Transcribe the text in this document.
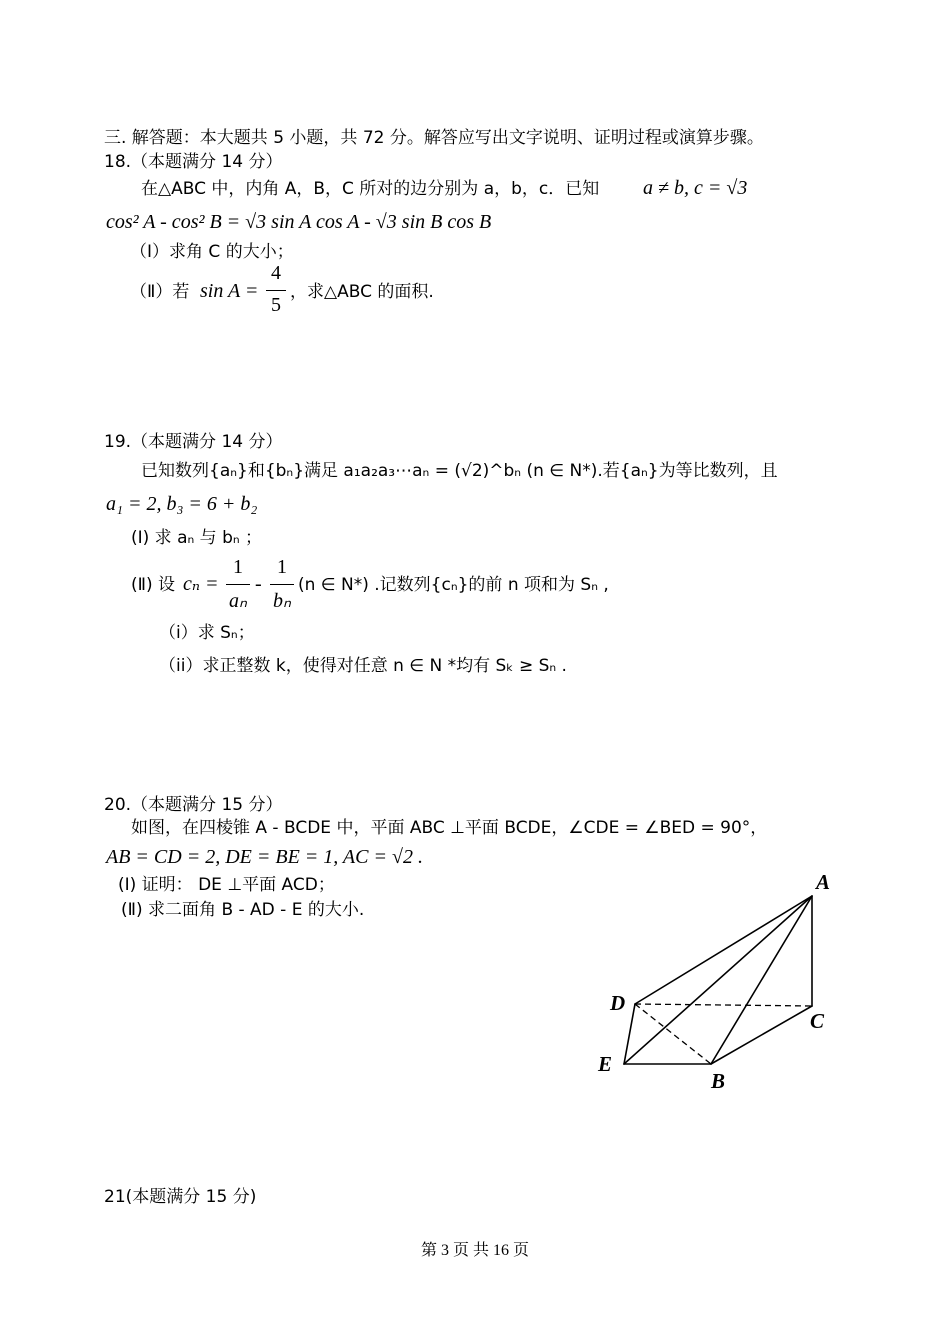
三. 解答题：本大题共 5 小题，共 72 分。解答应写出文字说明、证明过程或演算步骤。
18.（本题满分 14 分）
在△ABC 中，内角 A，B，C 所对的边分别为 a，b，c．已知 a ≠ b, c = √3
cos² A - cos² B = √3 sin A cos A - √3 sin B cos B
（Ⅰ）求角 C 的大小；
（Ⅱ）若 sin A =
4
5
，求△ABC 的面积.
19.（本题满分 14 分）
已知数列{aₙ}和{bₙ}满足 a₁a₂a₃⋯aₙ = (√2)^bₙ (n ∈ N*).若{aₙ}为等比数列，且
a₁ = 2, b₃ = 6 + b₂
(I) 求 aₙ 与 bₙ ；
(Ⅱ) 设 cₙ =
1
aₙ
-
1
bₙ
(n ∈ N*) .记数列{cₙ}的前 n 项和为 Sₙ ,
（i）求 Sₙ；
（ii）求正整数 k，使得对任意 n ∈ N *均有 Sₖ ≥ Sₙ .
20.（本题满分 15 分）
如图，在四棱锥 A - BCDE 中，平面 ABC ⊥平面 BCDE，∠CDE = ∠BED = 90°，
AB = CD = 2, DE = BE = 1, AC = √2 .
(I) 证明： DE ⊥平面 ACD；
(Ⅱ) 求二面角 B - AD - E 的大小.
A
D
C
E
B
21(本题满分 15 分)
第 3 页 共 16 页
